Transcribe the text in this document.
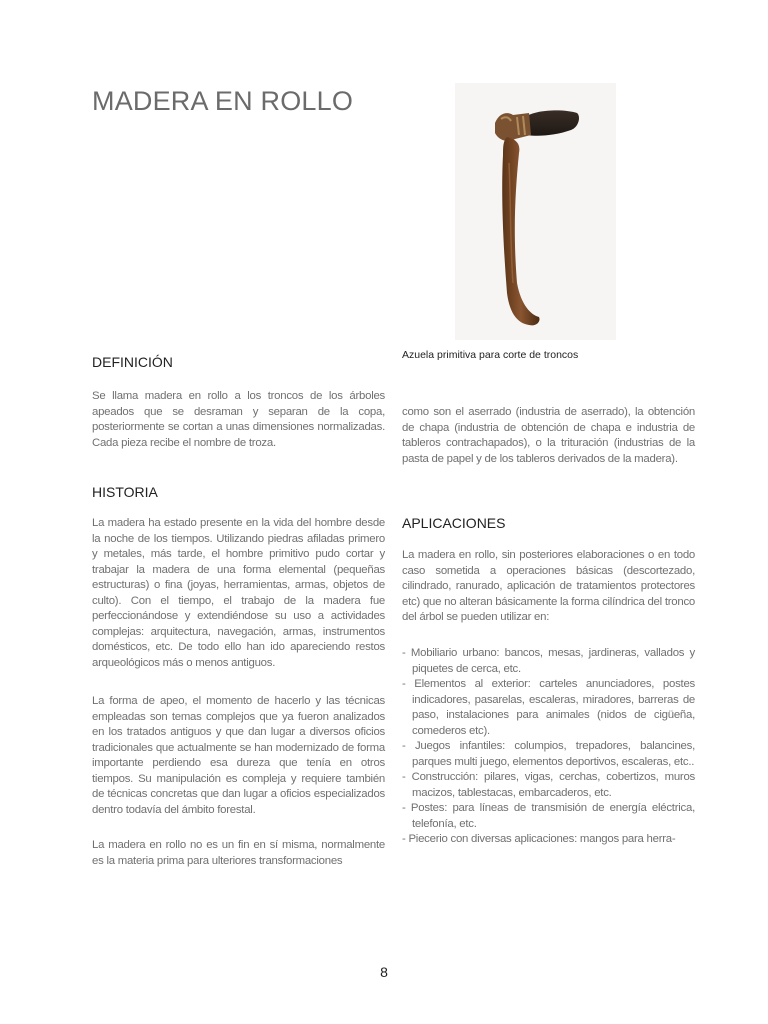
MADERA EN ROLLO

Azuela primitiva para corte de troncos

DEFINICIÓN

Se llama madera en rollo a los troncos de los árboles apeados que se desraman y separan de la copa, posteriormente se cortan a unas dimensiones normalizadas. Cada pieza recibe el nombre de troza.

HISTORIA

La madera ha estado presente en la vida del hombre desde la noche de los tiempos. Utilizando piedras afiladas primero y metales, más tarde, el hombre primitivo pudo cortar y trabajar la madera de una forma elemental (pequeñas estructuras) o fina (joyas, herramientas, armas, objetos de culto). Con el tiempo, el trabajo de la madera fue perfeccionándose y extendiéndose su uso a actividades complejas: arquitectura, navegación, armas, instrumentos domésticos, etc. De todo ello han ido apareciendo restos arqueológicos más o menos antiguos.

La forma de apeo, el momento de hacerlo y las técnicas empleadas son temas complejos que ya fueron analizados en los tratados antiguos y que dan lugar a diversos oficios tradicionales que actualmente se han modernizado de forma importante perdiendo esa dureza que tenía en otros tiempos. Su manipulación es compleja y requiere también de técnicas concretas que dan lugar a oficios especializados dentro todavía del ámbito forestal.

La madera en rollo no es un fin en sí misma, normalmente es la materia prima para ulteriores transformaciones

como son el aserrado (industria de aserrado), la obtención de chapa (industria de obtención de chapa e industria de tableros contrachapados), o la trituración (industrias de la pasta de papel y de los tableros derivados de la madera).

APLICACIONES

La madera en rollo, sin posteriores elaboraciones o en todo caso sometida a operaciones básicas (descortezado, cilindrado, ranurado, aplicación de tratamientos protectores etc) que no alteran básicamente la forma cilíndrica del tronco del árbol se pueden utilizar en:

- Mobiliario urbano: bancos, mesas, jardineras, vallados y piquetes de cerca, etc.
- Elementos al exterior: carteles anunciadores, postes indicadores, pasarelas, escaleras, miradores, barreras de paso, instalaciones para animales (nidos de cigüeña, comederos etc).
- Juegos infantiles: columpios, trepadores, balancines, parques multi juego, elementos deportivos, escaleras, etc..
- Construcción: pilares, vigas, cerchas, cobertizos, muros macizos, tablestacas, embarcaderos, etc.
- Postes: para líneas de transmisión de energía eléctrica, telefonía, etc.
- Piecerio con diversas aplicaciones: mangos para herra-
8
